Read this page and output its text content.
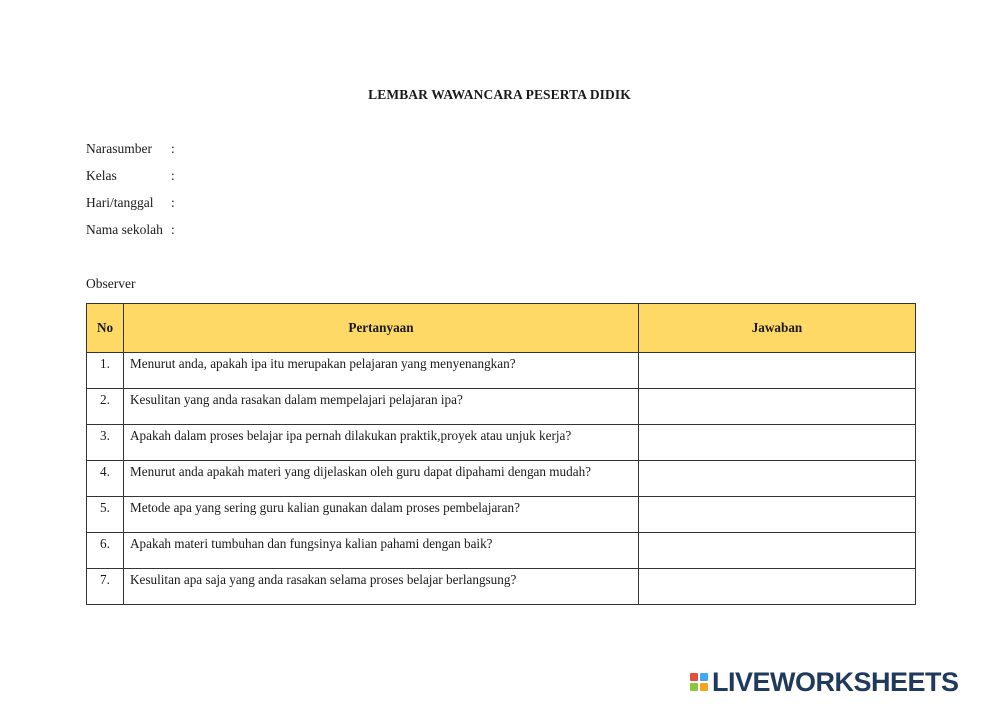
LEMBAR WAWANCARA PESERTA DIDIK
Narasumber :
Kelas	:
Hari/tanggal :
Nama sekolah :
Observer
No	Pertanyaan	Jawaban
1.	Menurut anda, apakah ipa itu merupakan pelajaran yang menyenangkan?	
2.	Kesulitan yang anda rasakan dalam mempelajari pelajaran ipa?	
3.	Apakah dalam proses belajar ipa pernah dilakukan praktik,proyek atau unjuk kerja?	
4.	Menurut anda apakah materi yang dijelaskan oleh guru dapat dipahami dengan mudah?	
5.	Metode apa yang sering guru kalian gunakan dalam proses pembelajaran?	
6.	Apakah materi tumbuhan dan fungsinya kalian pahami dengan baik?	
7.	Kesulitan apa saja yang anda rasakan selama proses belajar berlangsung?	
LIVEWORKSHEETS
